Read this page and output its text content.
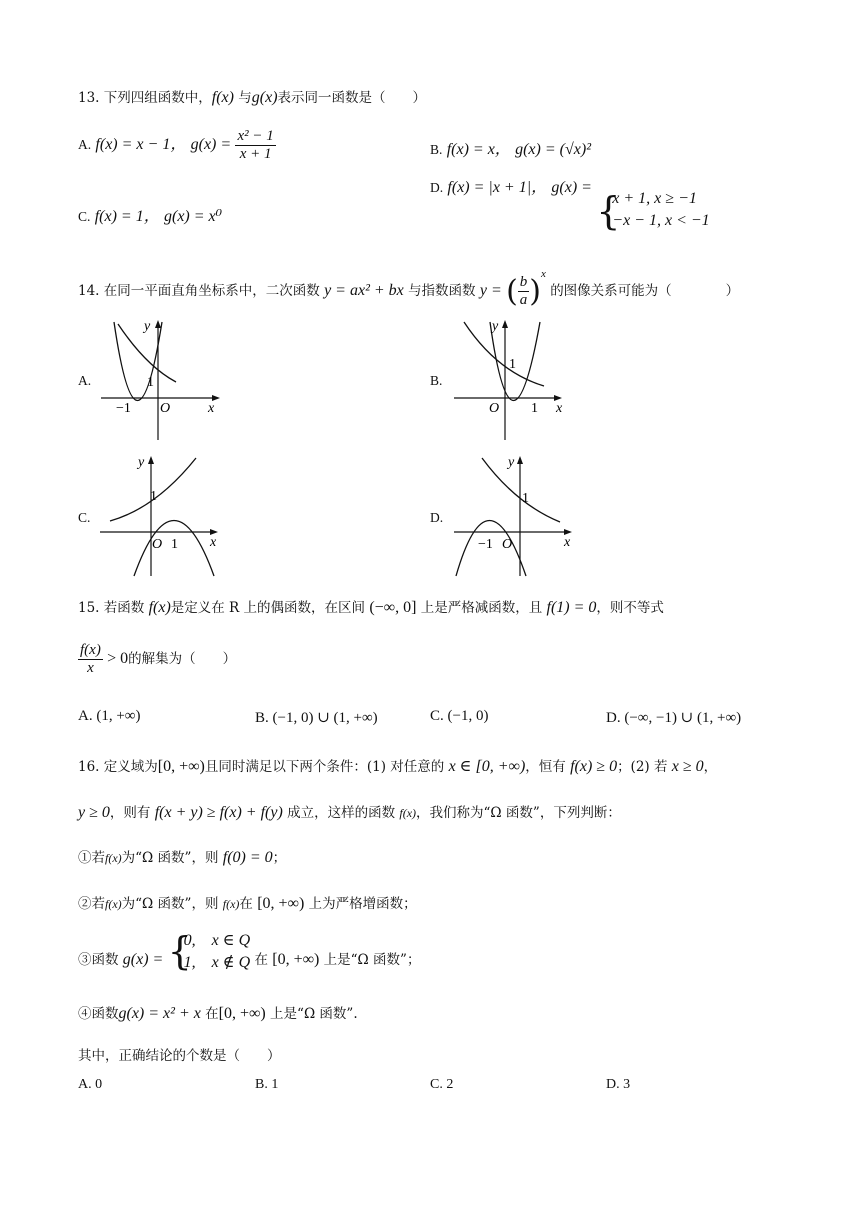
13. 下列四组函数中，f(x) 与g(x)表示同一函数是（　　）
A. f(x) = x − 1， $g(x) = \frac{\text{x² − 1}}{x + 1}$	B. f(x) = x， g(x) = (√x)²
C. f(x) = 1， g(x) = x⁰
D. f(x) = |x + 1|， g(x) =
{
x + 1, x ≥ −1
−x − 1, x < −1
14. 在同一平面直角坐标系中，二次函数 y = ax² + bx 与指数函数 y = ( $\frac{b}{a} )^x$ 的图像关系可能为（　　　　）
A.
y
x
O
−1
1	B.
y
x
O 1
1
C.
y
x
O 1
1
D.
y
x
O
−1
1
15. 若函数 f(x)是定义在 R 上的偶函数，在区间 (−∞, 0] 上是严格减函数，且 f(1) = 0，则不等式
$\frac{f(x)}{x} > 0$的解集为（　　）
A. (1, +∞)	B. (−1, 0) ∪ (1, +∞)	C. (−1, 0)	D. (−∞, −1) ∪ (1, +∞)
16. 定义域为[0, +∞)且同时满足以下两个条件：(1) 对任意的 x ∈ [0, +∞)，恒有 f(x) ≥ 0；(2) 若 x ≥ 0，
y ≥ 0，则有 f(x + y) ≥ f(x) + f(y) 成立，这样的函数 f(x)，我们称为“Ω 函数”，下列判断：
①若f(x)为“Ω 函数”，则 f(0) = 0；
②若f(x)为“Ω 函数”，则 f(x)在 [0, +∞) 上为严格增函数；
③函数 g(x) = {
0,　x ∈ Q
1,　x ∉ Q 在 [0, +∞) 上是“Ω 函数”；
④函数g(x) = x² + x 在[0, +∞) 上是“Ω 函数”.
其中，正确结论的个数是（　　）
A. 0	B. 1	C. 2	D. 3
